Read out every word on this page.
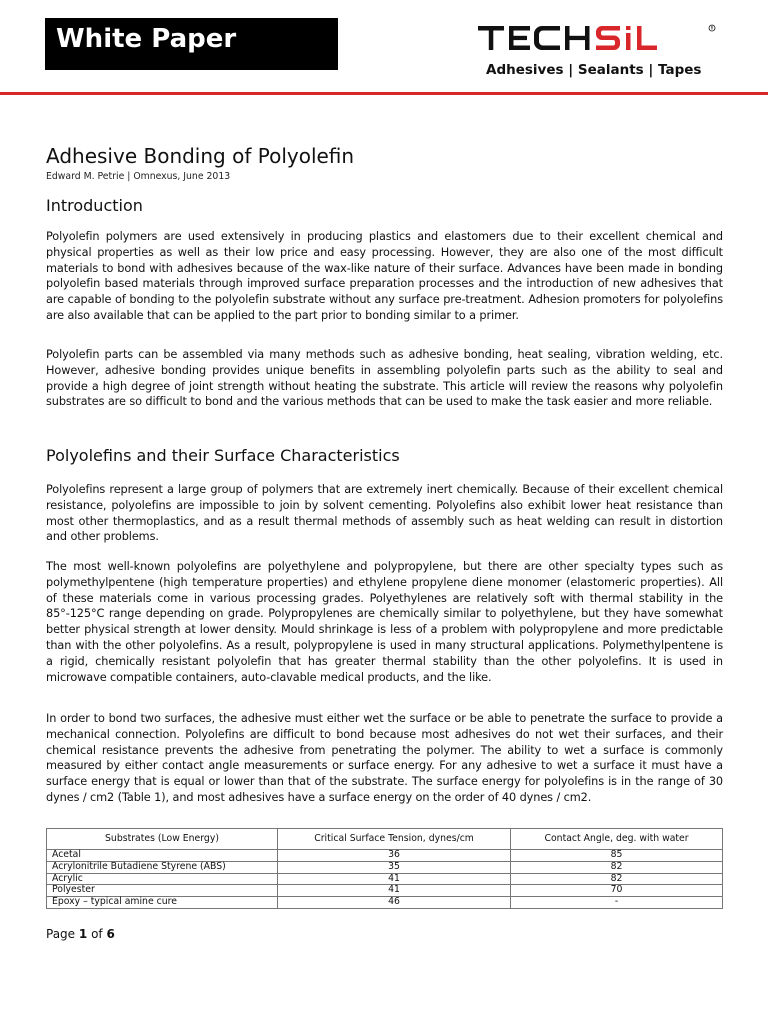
White Paper	R
Adhesives | Sealants | Tapes
Adhesive Bonding of Polyolefin
Edward M. Petrie | Omnexus, June 2013
Introduction

Polyolefin polymers are used extensively in producing plastics and elastomers due to their excellent chemical and physical properties as well as their low price and easy processing. However, they are also one of the most difficult materials to bond with adhesives because of the wax-like nature of their surface. Advances have been made in bonding polyolefin based materials through improved surface preparation processes and the introduction of new adhesives that are capable of bonding to the polyolefin substrate without any surface pre-treatment. Adhesion promoters for polyolefins are also available that can be applied to the part prior to bonding similar to a primer.

Polyolefin parts can be assembled via many methods such as adhesive bonding, heat sealing, vibration welding, etc. However, adhesive bonding provides unique benefits in assembling polyolefin parts such as the ability to seal and provide a high degree of joint strength without heating the substrate. This article will review the reasons why polyolefin substrates are so difficult to bond and the various methods that can be used to make the task easier and more reliable.

Polyolefins and their Surface Characteristics

Polyolefins represent a large group of polymers that are extremely inert chemically. Because of their excellent chemical resistance, polyolefins are impossible to join by solvent cementing. Polyolefins also exhibit lower heat resistance than most other thermoplastics, and as a result thermal methods of assembly such as heat welding can result in distortion and other problems.

The most well-known polyolefins are polyethylene and polypropylene, but there are other specialty types such as polymethylpentene (high temperature properties) and ethylene propylene diene monomer (elastomeric properties). All of these materials come in various processing grades. Polyethylenes are relatively soft with thermal stability in the 85°-125°C range depending on grade. Polypropylenes are chemically similar to polyethylene, but they have somewhat better physical strength at lower density. Mould shrinkage is less of a problem with polypropylene and more predictable than with the other polyolefins. As a result, polypropylene is used in many structural applications. Polymethylpentene is a rigid, chemically resistant polyolefin that has greater thermal stability than the other polyolefins. It is used in microwave compatible containers, auto-clavable medical products, and the like.

In order to bond two surfaces, the adhesive must either wet the surface or be able to penetrate the surface to provide a mechanical connection. Polyolefins are difficult to bond because most adhesives do not wet their surfaces, and their chemical resistance prevents the adhesive from penetrating the polymer. The ability to wet a surface is commonly measured by either contact angle measurements or surface energy. For any adhesive to wet a surface it must have a surface energy that is equal or lower than that of the substrate. The surface energy for polyolefins is in the range of 30 dynes / cm2 (Table 1), and most adhesives have a surface energy on the order of 40 dynes / cm2.

Substrates (Low Energy)	Critical Surface Tension, dynes/cm	Contact Angle, deg. with water
Acetal	36	85
Acrylonitrile Butadiene Styrene (ABS)	35	82
Acrylic	41	82
Polyester	41	70
Epoxy – typical amine cure	46	-
Page 1 of 6
